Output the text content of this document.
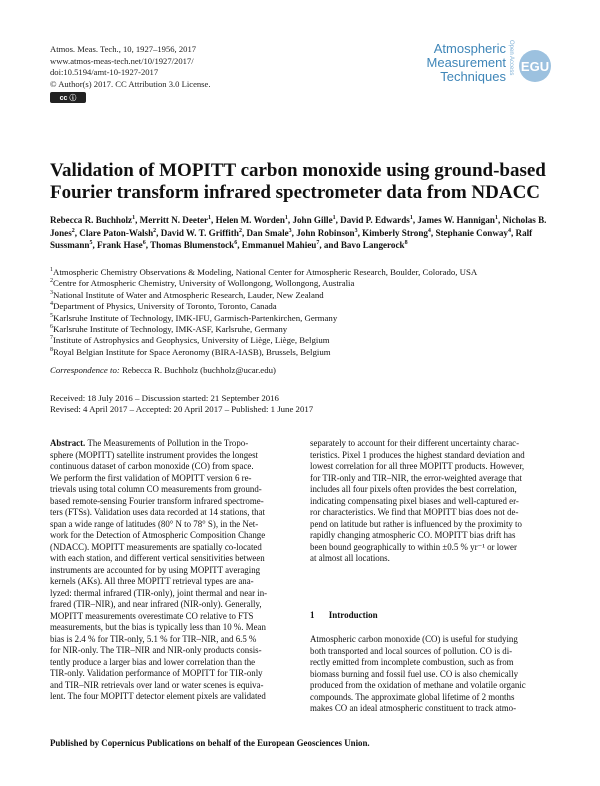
Atmos. Meas. Tech., 10, 1927–1956, 2017
www.atmos-meas-tech.net/10/1927/2017/
doi:10.5194/amt-10-1927-2017
© Author(s) 2017. CC Attribution 3.0 License.
cc ⓘ
Atmospheric
Measurement
Techniques
Open Access EGU
Validation of MOPITT carbon monoxide using ground-based Fourier transform infrared spectrometer data from NDACC
Rebecca R. Buchholz$^1$, Merritt N. Deeter$^1$, Helen M. Worden$^1$, John Gille$^1$, David P. Edwards$^1$, James W. Hannigan$^1$, Nicholas B. Jones$^2$, Clare Paton-Walsh$^2$, David W. T. Griffith$^2$, Dan Smale$^3$, John Robinson$^3$, Kimberly Strong$^4$, Stephanie Conway$^4$, Ralf Sussmann$^5$, Frank Hase$^6$, Thomas Blumenstock$^6$, Emmanuel Mahieu$^7$, and Bavo Langerock$^8$
$^1$Atmospheric Chemistry Observations & Modeling, National Center for Atmospheric Research, Boulder, Colorado, USA
$^2$Centre for Atmospheric Chemistry, University of Wollongong, Wollongong, Australia
$^3$National Institute of Water and Atmospheric Research, Lauder, New Zealand
$^4$Department of Physics, University of Toronto, Toronto, Canada
$^5$Karlsruhe Institute of Technology, IMK-IFU, Garmisch-Partenkirchen, Germany
$^6$Karlsruhe Institute of Technology, IMK-ASF, Karlsruhe, Germany
$^7$Institute of Astrophysics and Geophysics, University of Liège, Liège, Belgium
$^8$Royal Belgian Institute for Space Aeronomy (BIRA-IASB), Brussels, Belgium
Correspondence to: Rebecca R. Buchholz (buchholz@ucar.edu)
Received: 18 July 2016 – Discussion started: 21 September 2016
Revised: 4 April 2017 – Accepted: 20 April 2017 – Published: 1 June 2017
Abstract. The Measurements of Pollution in the Tropo-
sphere (MOPITT) satellite instrument provides the longest
continuous dataset of carbon monoxide (CO) from space.
We perform the first validation of MOPITT version 6 re-
trievals using total column CO measurements from ground-
based remote-sensing Fourier transform infrared spectrome-
ters (FTSs). Validation uses data recorded at 14 stations, that
span a wide range of latitudes (80° N to 78° S), in the Net-
work for the Detection of Atmospheric Composition Change
(NDACC). MOPITT measurements are spatially co-located
with each station, and different vertical sensitivities between
instruments are accounted for by using MOPITT averaging
kernels (AKs). All three MOPITT retrieval types are ana-
lyzed: thermal infrared (TIR-only), joint thermal and near in-
frared (TIR–NIR), and near infrared (NIR-only). Generally,
MOPITT measurements overestimate CO relative to FTS
measurements, but the bias is typically less than 10 %. Mean
bias is 2.4 % for TIR-only, 5.1 % for TIR–NIR, and 6.5 %
for NIR-only. The TIR–NIR and NIR-only products consis-
tently produce a larger bias and lower correlation than the
TIR-only. Validation performance of MOPITT for TIR-only
and TIR–NIR retrievals over land or water scenes is equiva-
lent. The four MOPITT detector element pixels are validated
separately to account for their different uncertainty charac-
teristics. Pixel 1 produces the highest standard deviation and
lowest correlation for all three MOPITT products. However,
for TIR-only and TIR–NIR, the error-weighted average that
includes all four pixels often provides the best correlation,
indicating compensating pixel biases and well-captured er-
ror characteristics. We find that MOPITT bias does not de-
pend on latitude but rather is influenced by the proximity to
rapidly changing atmospheric CO. MOPITT bias drift has
been bound geographically to within ±0.5 % yr⁻¹ or lower
at almost all locations.
1 Introduction
Atmospheric carbon monoxide (CO) is useful for studying
both transported and local sources of pollution. CO is di-
rectly emitted from incomplete combustion, such as from
biomass burning and fossil fuel use. CO is also chemically
produced from the oxidation of methane and volatile organic
compounds. The approximate global lifetime of 2 months
makes CO an ideal atmospheric constituent to track atmo-
Published by Copernicus Publications on behalf of the European Geosciences Union.
